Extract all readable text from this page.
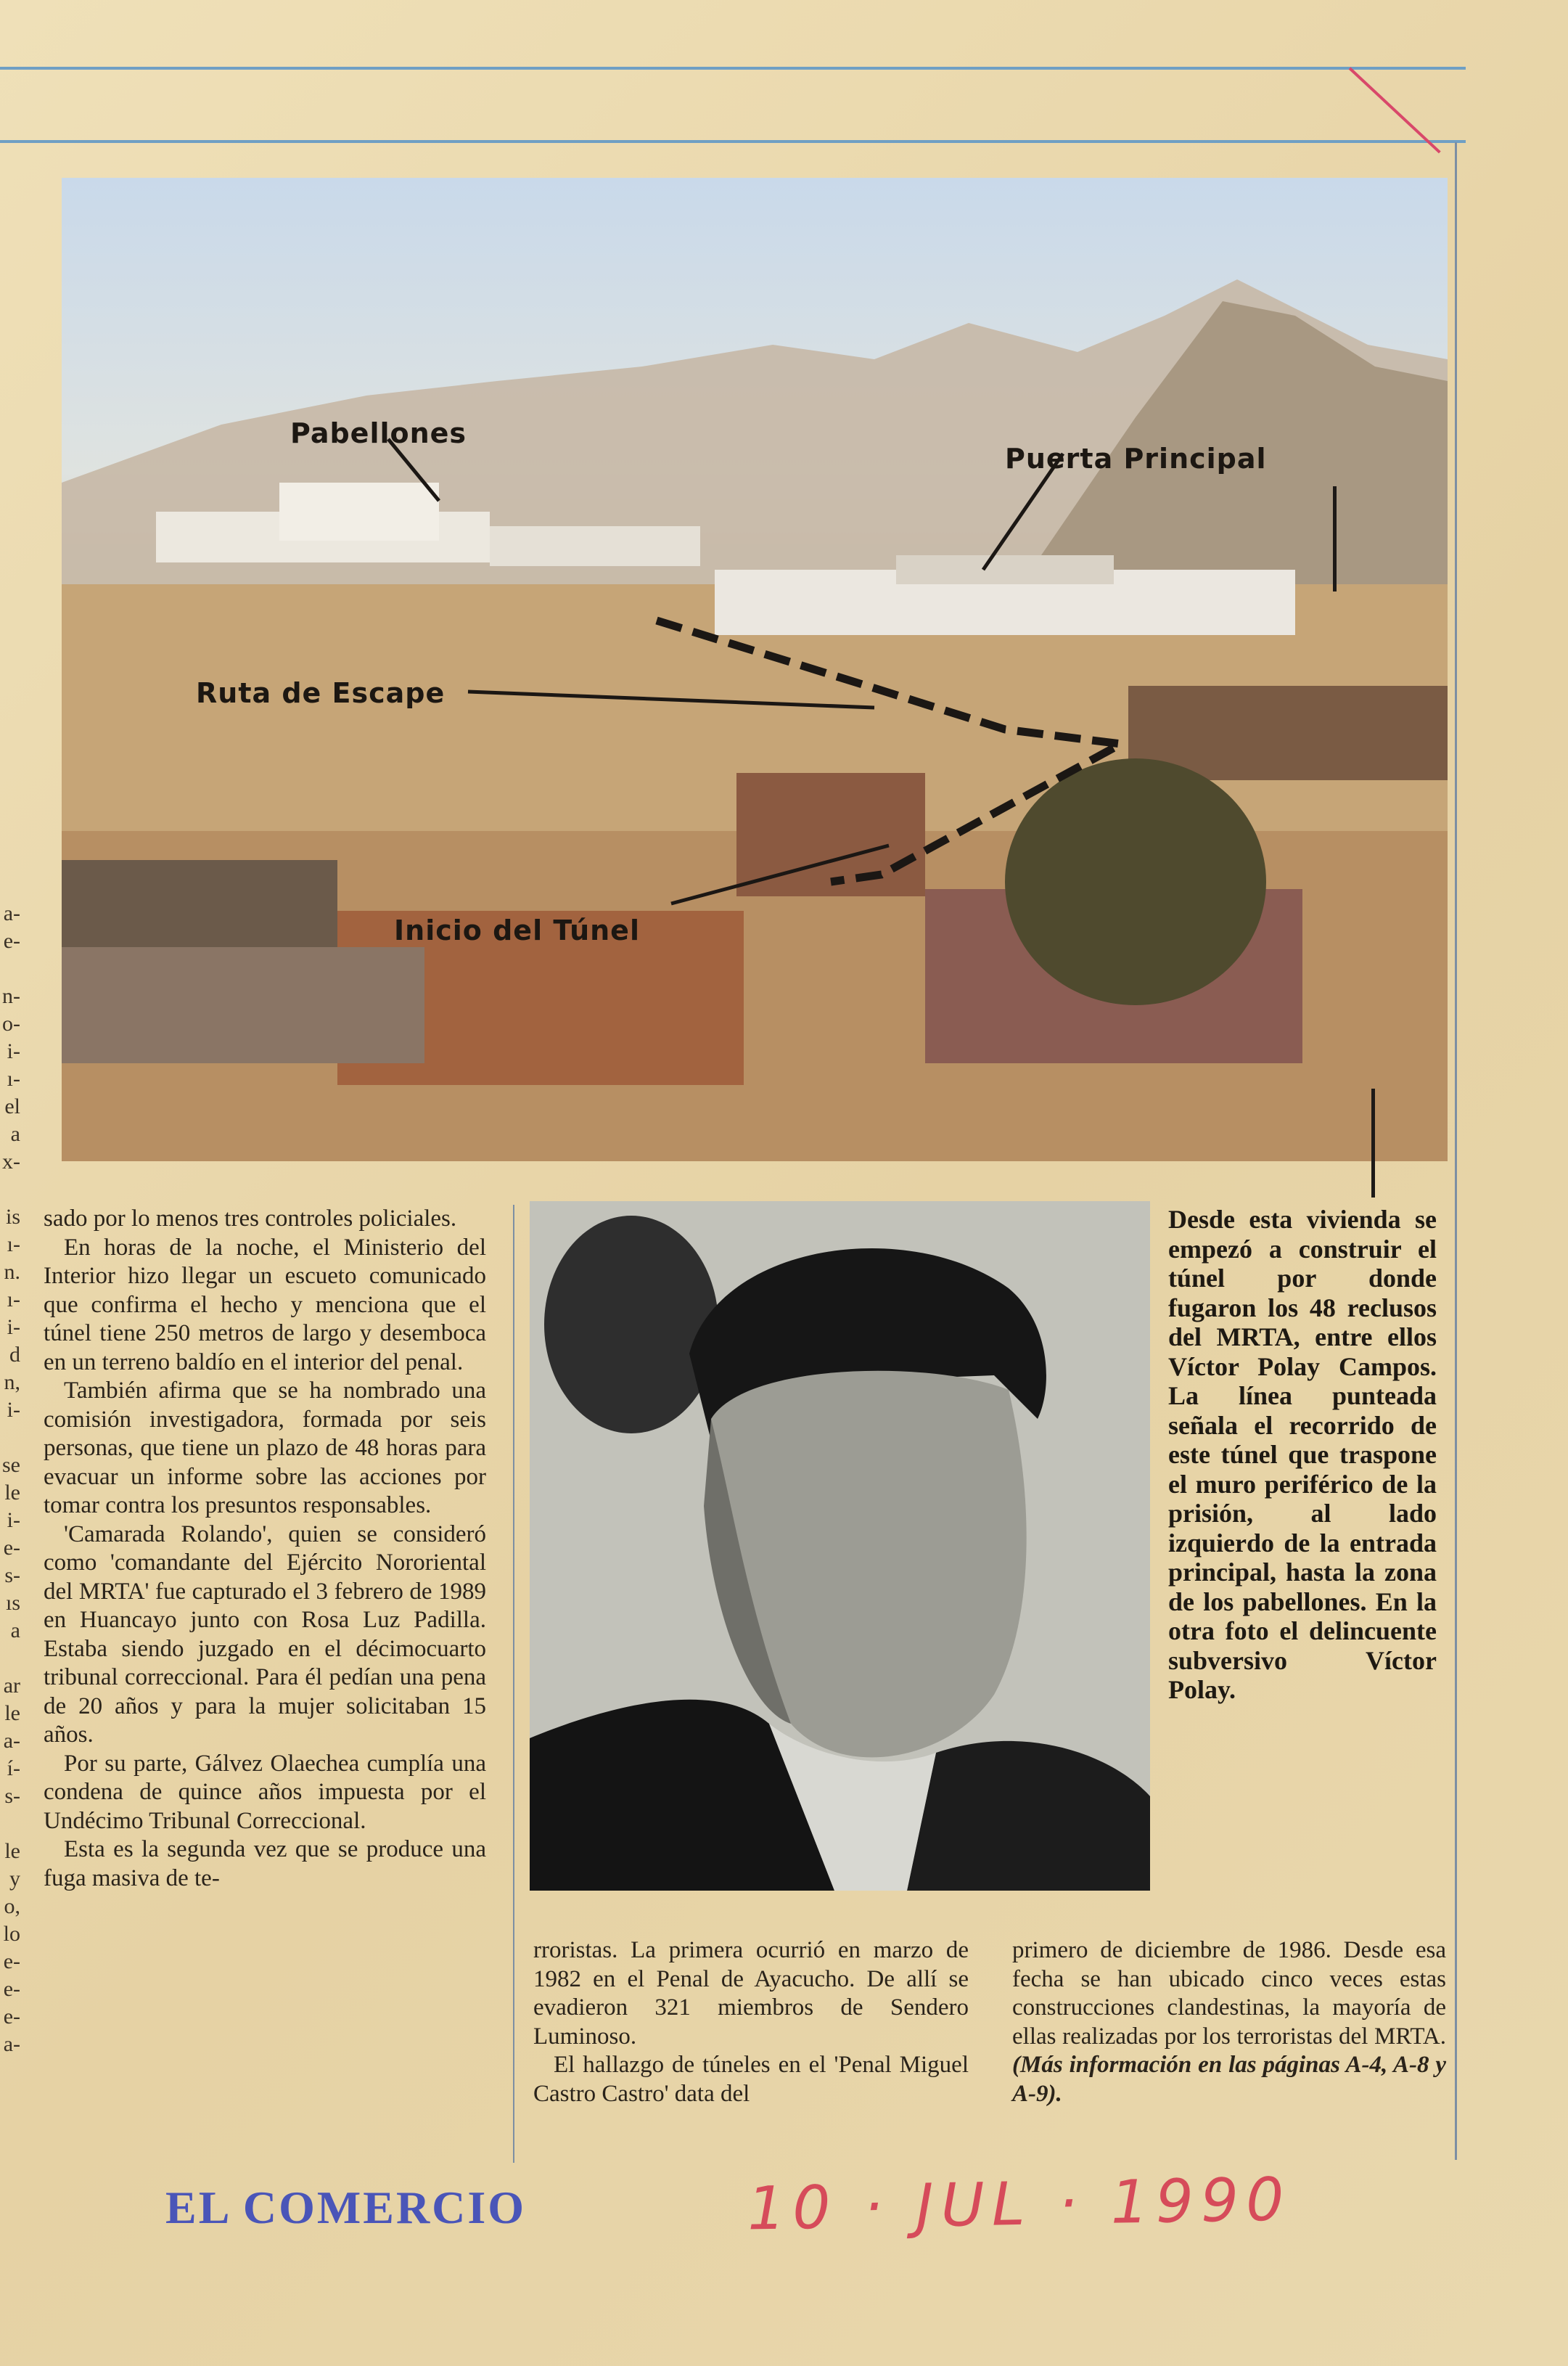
Pabellones
Puerta Principal
Ruta de Escape
Inicio del Túnel
a-
e-
n-
o-
i-
ı-
el
a
x-
is
ı-
n.
ı-
i-
d
n,
i-
se
le
i-
e-
s-
ıs
a
ar
le
a-
í-
s-
le
y
o,
lo
e-
e-
e-
a-

sado por lo menos tres controles policiales.

En horas de la noche, el Ministerio del Interior hizo llegar un escueto comunicado que confirma el hecho y menciona que el túnel tiene 250 metros de largo y desemboca en un terreno baldío en el interior del penal.

También afirma que se ha nombrado una comisión investigadora, formada por seis personas, que tiene un plazo de 48 horas para evacuar un informe sobre las acciones por tomar contra los presuntos responsables.

'Camarada Rolando', quien se consideró como 'comandante del Ejército Nororiental del MRTA' fue capturado el 3 febrero de 1989 en Huancayo junto con Rosa Luz Padilla. Estaba siendo juzgado en el décimocuarto tribunal correccional. Para él pedían una pena de 20 años y para la mujer solicitaban 15 años.

Por su parte, Gálvez Olaechea cumplía una condena de quince años impuesta por el Undécimo Tribunal Correccional.

Esta es la segunda vez que se produce una fuga masiva de te-

Desde esta vivienda se empezó a construir el túnel por donde fugaron los 48 reclusos del MRTA, entre ellos Víctor Polay Campos. La línea punteada señala el recorrido de este túnel que traspone el muro periférico de la prisión, al lado izquierdo de la entrada principal, hasta la zona de los pabellones. En la otra foto el delincuente subversivo Víctor Polay.

rroristas. La primera ocurrió en marzo de 1982 en el Penal de Ayacucho. De allí se evadieron 321 miembros de Sendero Luminoso.

El hallazgo de túneles en el 'Penal Miguel Castro Castro' data del

primero de diciembre de 1986. Desde esa fecha se han ubicado cinco veces estas construcciones clandestinas, la mayoría de ellas realizadas por los terroristas del MRTA. (Más información en las páginas A-4, A-8 y A-9).

EL COMERCIO	10 · JUL · 1990
